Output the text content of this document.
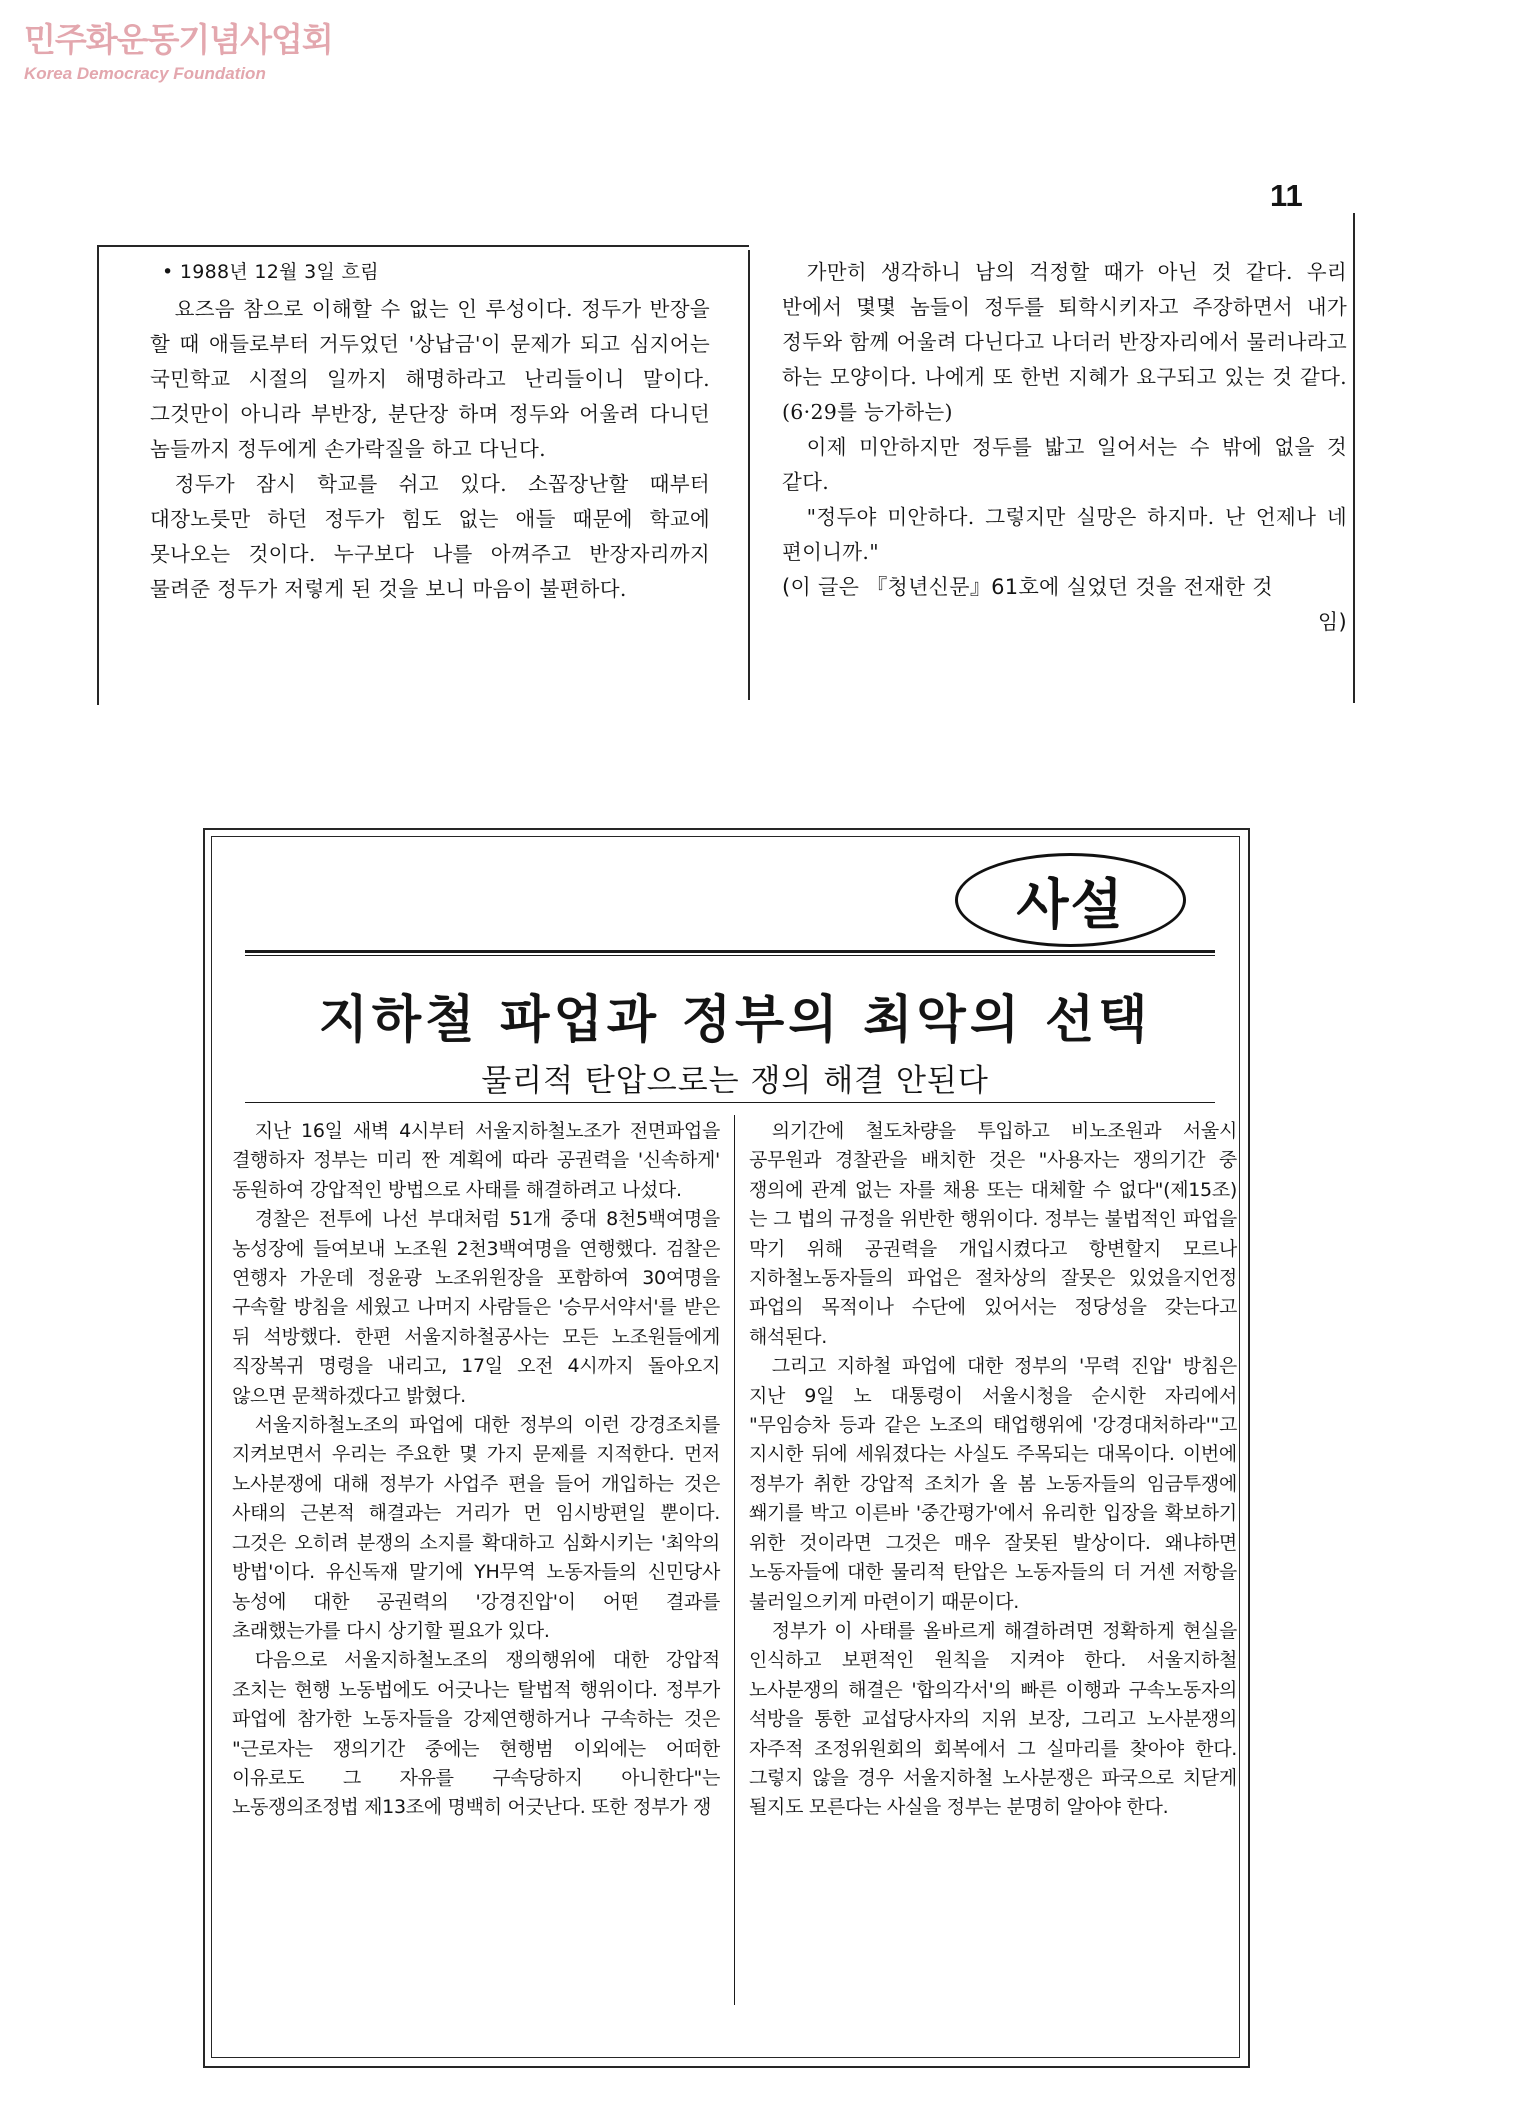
민주화운동기념사업회
Korea Democracy Foundation
11

• 1988년 12월 3일 흐림

요즈음 참으로 이해할 수 없는 인 루성이다. 정두가 반장을 할 때 애들로부터 거두었던 '상납금'이 문제가 되고 심지어는 국민학교 시절의 일까지 해명하라고 난리들이니 말이다. 그것만이 아니라 부반장, 분단장 하며 정두와 어울려 다니던 놈들까지 정두에게 손가락질을 하고 다닌다.

정두가 잠시 학교를 쉬고 있다. 소꼽장난할 때부터 대장노릇만 하던 정두가 힘도 없는 애들 때문에 학교에 못나오는 것이다. 누구보다 나를 아껴주고 반장자리까지 물려준 정두가 저렇게 된 것을 보니 마음이 불편하다.

가만히 생각하니 남의 걱정할 때가 아닌 것 같다. 우리 반에서 몇몇 놈들이 정두를 퇴학시키자고 주장하면서 내가 정두와 함께 어울려 다닌다고 나더러 반장자리에서 물러나라고 하는 모양이다. 나에게 또 한번 지혜가 요구되고 있는 것 같다.(6·29를 능가하는)

이제 미안하지만 정두를 밟고 일어서는 수 밖에 없을 것 같다.

"정두야 미안하다. 그렇지만 실망은 하지마. 난 언제나 네 편이니까."

(이 글은 『청년신문』61호에 실었던 것을 전재한 것

임)

사설
지하철 파업과 정부의 최악의 선택
물리적 탄압으로는 쟁의 해결 안된다

지난 16일 새벽 4시부터 서울지하철노조가 전면파업을 결행하자 정부는 미리 짠 계획에 따라 공권력을 '신속하게' 동원하여 강압적인 방법으로 사태를 해결하려고 나섰다.

경찰은 전투에 나선 부대처럼 51개 중대 8천5백여명을 농성장에 들여보내 노조원 2천3백여명을 연행했다. 검찰은 연행자 가운데 정윤광 노조위원장을 포함하여 30여명을 구속할 방침을 세웠고 나머지 사람들은 '승무서약서'를 받은 뒤 석방했다. 한편 서울지하철공사는 모든 노조원들에게 직장복귀 명령을 내리고, 17일 오전 4시까지 돌아오지 않으면 문책하겠다고 밝혔다.

서울지하철노조의 파업에 대한 정부의 이런 강경조치를 지켜보면서 우리는 주요한 몇 가지 문제를 지적한다. 먼저 노사분쟁에 대해 정부가 사업주 편을 들어 개입하는 것은 사태의 근본적 해결과는 거리가 먼 임시방편일 뿐이다. 그것은 오히려 분쟁의 소지를 확대하고 심화시키는 '최악의 방법'이다. 유신독재 말기에 YH무역 노동자들의 신민당사 농성에 대한 공권력의 '강경진압'이 어떤 결과를 초래했는가를 다시 상기할 필요가 있다.

다음으로 서울지하철노조의 쟁의행위에 대한 강압적 조치는 현행 노동법에도 어긋나는 탈법적 행위이다. 정부가 파업에 참가한 노동자들을 강제연행하거나 구속하는 것은 "근로자는 쟁의기간 중에는 현행범 이외에는 어떠한 이유로도 그 자유를 구속당하지 아니한다"는 노동쟁의조정법 제13조에 명백히 어긋난다. 또한 정부가 쟁

의기간에 철도차량을 투입하고 비노조원과 서울시 공무원과 경찰관을 배치한 것은 "사용자는 쟁의기간 중 쟁의에 관계 없는 자를 채용 또는 대체할 수 없다"(제15조)는 그 법의 규정을 위반한 행위이다. 정부는 불법적인 파업을 막기 위해 공권력을 개입시켰다고 항변할지 모르나 지하철노동자들의 파업은 절차상의 잘못은 있었을지언정 파업의 목적이나 수단에 있어서는 정당성을 갖는다고 해석된다.

그리고 지하철 파업에 대한 정부의 '무력 진압' 방침은 지난 9일 노 대통령이 서울시청을 순시한 자리에서 "무임승차 등과 같은 노조의 태업행위에 '강경대처하라'"고 지시한 뒤에 세워졌다는 사실도 주목되는 대목이다. 이번에 정부가 취한 강압적 조치가 올 봄 노동자들의 임금투쟁에 쐐기를 박고 이른바 '중간평가'에서 유리한 입장을 확보하기 위한 것이라면 그것은 매우 잘못된 발상이다. 왜냐하면 노동자들에 대한 물리적 탄압은 노동자들의 더 거센 저항을 불러일으키게 마련이기 때문이다.

정부가 이 사태를 올바르게 해결하려면 정확하게 현실을 인식하고 보편적인 원칙을 지켜야 한다. 서울지하철 노사분쟁의 해결은 '합의각서'의 빠른 이행과 구속노동자의 석방을 통한 교섭당사자의 지위 보장, 그리고 노사분쟁의 자주적 조정위원회의 회복에서 그 실마리를 찾아야 한다. 그렇지 않을 경우 서울지하철 노사분쟁은 파국으로 치닫게 될지도 모른다는 사실을 정부는 분명히 알아야 한다.
